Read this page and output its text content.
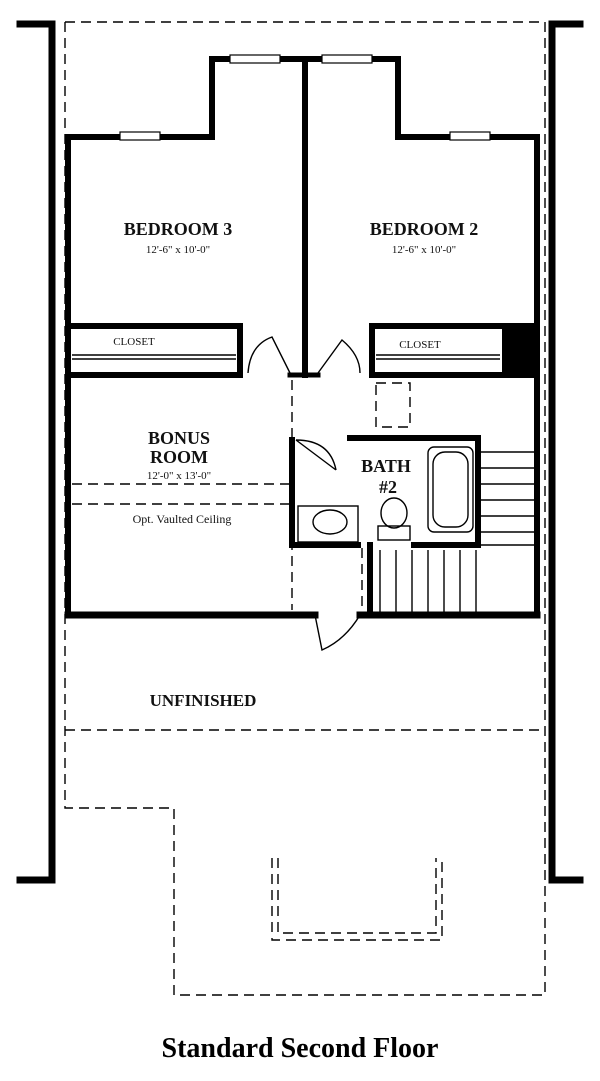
BEDROOM 3
12'-6" x 10'-0"
BEDROOM 2
12'-6" x 10'-0"
CLOSET	CLOSET
BONUS
ROOM
12'-0" x 13'-0"
Opt. Vaulted Ceiling
BATH
#2
UNFINISHED
Standard Second Floor
